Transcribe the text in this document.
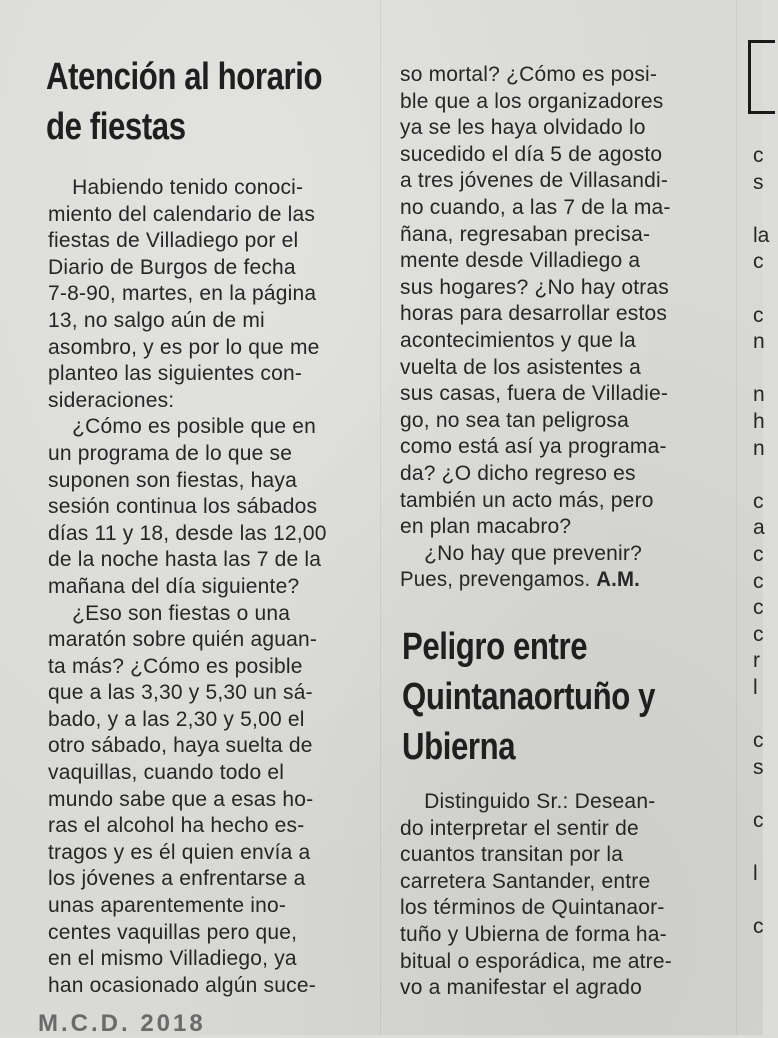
Atención al horario
de fiestas
Habiendo tenido conoci-
miento del calendario de las
fiestas de Villadiego por el
Diario de Burgos de fecha
7-8-90, martes, en la página
13, no salgo aún de mi
asombro, y es por lo que me
planteo las siguientes con-
sideraciones:
¿Cómo es posible que en
un programa de lo que se
suponen son fiestas, haya
sesión continua los sábados
días 11 y 18, desde las 12,00
de la noche hasta las 7 de la
mañana del día siguiente?
¿Eso son fiestas o una
maratón sobre quién aguan-
ta más? ¿Cómo es posible
que a las 3,30 y 5,30 un sá-
bado, y a las 2,30 y 5,00 el
otro sábado, haya suelta de
vaquillas, cuando todo el
mundo sabe que a esas ho-
ras el alcohol ha hecho es-
tragos y es él quien envía a
los jóvenes a enfrentarse a
unas aparentemente ino-
centes vaquillas pero que,
en el mismo Villadiego, ya
han ocasionado algún suce-
so mortal? ¿Cómo es posi-
ble que a los organizadores
ya se les haya olvidado lo
sucedido el día 5 de agosto
a tres jóvenes de Villasandi-
no cuando, a las 7 de la ma-
ñana, regresaban precisa-
mente desde Villadiego a
sus hogares? ¿No hay otras
horas para desarrollar estos
acontecimientos y que la
vuelta de los asistentes a
sus casas, fuera de Villadie-
go, no sea tan peligrosa
como está así ya programa-
da? ¿O dicho regreso es
también un acto más, pero
en plan macabro?
¿No hay que prevenir?
Pues, prevengamos. A.M.
Peligro entre
Quintanaortuño y
Ubierna
Distinguido Sr.: Desean-
do interpretar el sentir de
cuantos transitan por la
carretera Santander, entre
los términos de Quintanaor-
tuño y Ubierna de forma ha-
bitual o esporádica, me atre-
vo a manifestar el agrado
c
s
la
c
c
n
n
h
n
c
a
c
c
c
c
r
l
c
s
c
l
c
M.C.D. 2018
